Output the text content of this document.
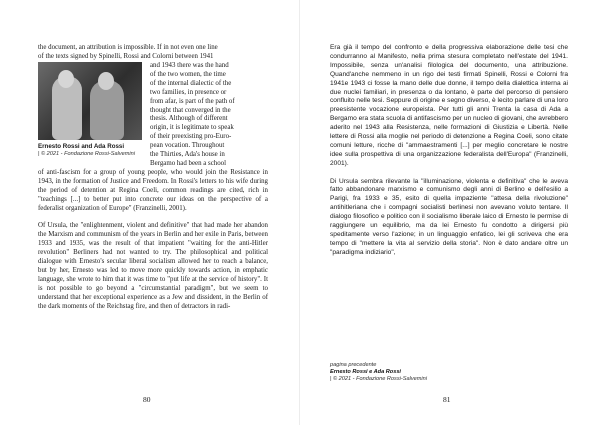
the document, an attribution is impossible. If in not even one line

of the texts signed by Spinelli, Rossi and Colorni between 1941

Ernesto Rossi and Ada Rossi
| © 2021 - Fondazione Rossi-Salvemini
and 1943 there was the hand
of the two women, the time
of the internal dialectic of the
two families, in presence or
from afar, is part of the path of
thought that converged in the
thesis. Although of different
origin, it is legitimate to speak
of their preexisting pro-Euro-
pean vocation. Throughout
the Thirties, Ada's house in
Bergamo had been a school

of anti-fascism for a group of young people, who would join the Resistance in 1943, in the formation of Justice and Freedom. In Rossi's letters to his wife during the period of detention at Regina Coeli, common readings are cited, rich in "teachings [...] to better put into concrete our ideas on the perspective of a federalist organization of Europe" (Franzinelli, 2001).

Of Ursula, the "enlightenment, violent and definitive" that had made her abandon the Marxism and communism of the years in Berlin and her exile in Paris, between 1933 and 1935, was the result of that impatient "waiting for the anti-Hitler revolution" Berliners had not wanted to try. The philosophical and political dialogue with Ernesto's secular liberal socialism allowed her to reach a balance, but by her, Ernesto was led to move more quickly towards action, in emphatic language, she wrote to him that it was time to "put life at the service of history". It is not possible to go beyond a "circumstantial paradigm", but we seem to understand that her exceptional experience as a Jew and dissident, in the Berlin of the dark moments of the Reichstag fire, and then of detractors in radi-

80

Era già il tempo del confronto e della progressiva elaborazione delle tesi che condurranno al Manifesto, nella prima stesura completato nell'estate del 1941. Impossibile, senza un'analisi filologica del documento, una attribuzione. Quand'anche nemmeno in un rigo dei testi firmati Spinelli, Rossi e Colorni fra 1941e 1943 ci fosse la mano delle due donne, il tempo della dialettica interna ai due nuclei familiari, in presenza o da lontano, è parte del percorso di pensiero confluito nelle tesi. Seppure di origine e segno diverso, è lecito parlare di una loro preesistente vocazione europeista. Per tutti gli anni Trenta la casa di Ada a Bergamo era stata scuola di antifascismo per un nucleo di giovani, che avrebbero aderito nel 1943 alla Resistenza, nelle formazioni di Giustizia e Libertà. Nelle lettere di Rossi alla moglie nel periodo di detenzione a Regina Coeli, sono citate comuni letture, ricche di "ammaestramenti [...] per meglio concretare le nostre idee sulla prospettiva di una organizzazione federalista dell'Europa" (Franzinelli, 2001).

Di Ursula sembra rilevante la "illuminazione, violenta e definitiva" che le aveva fatto abbandonare marxismo e comunismo degli anni di Berlino e dell'esilio a Parigi, fra 1933 e 35, esito di quella impaziente "attesa della rivoluzione" antihitleriana che i compagni socialisti berlinesi non avevano voluto tentare. Il dialogo filosofico e politico con il socialismo liberale laico di Ernesto le permise di raggiungere un equilibrio, ma da lei Ernesto fu condotto a dirigersi più speditamente verso l'azione; in un linguaggio enfatico, lei gli scriveva che era tempo di "mettere la vita al servizio della storia". Non è dato andare oltre un "paradigma indiziario",

pagina precedente
Ernesto Rossi e Ada Rossi
| © 2021 - Fondazione Rossi-Salvemini
81
